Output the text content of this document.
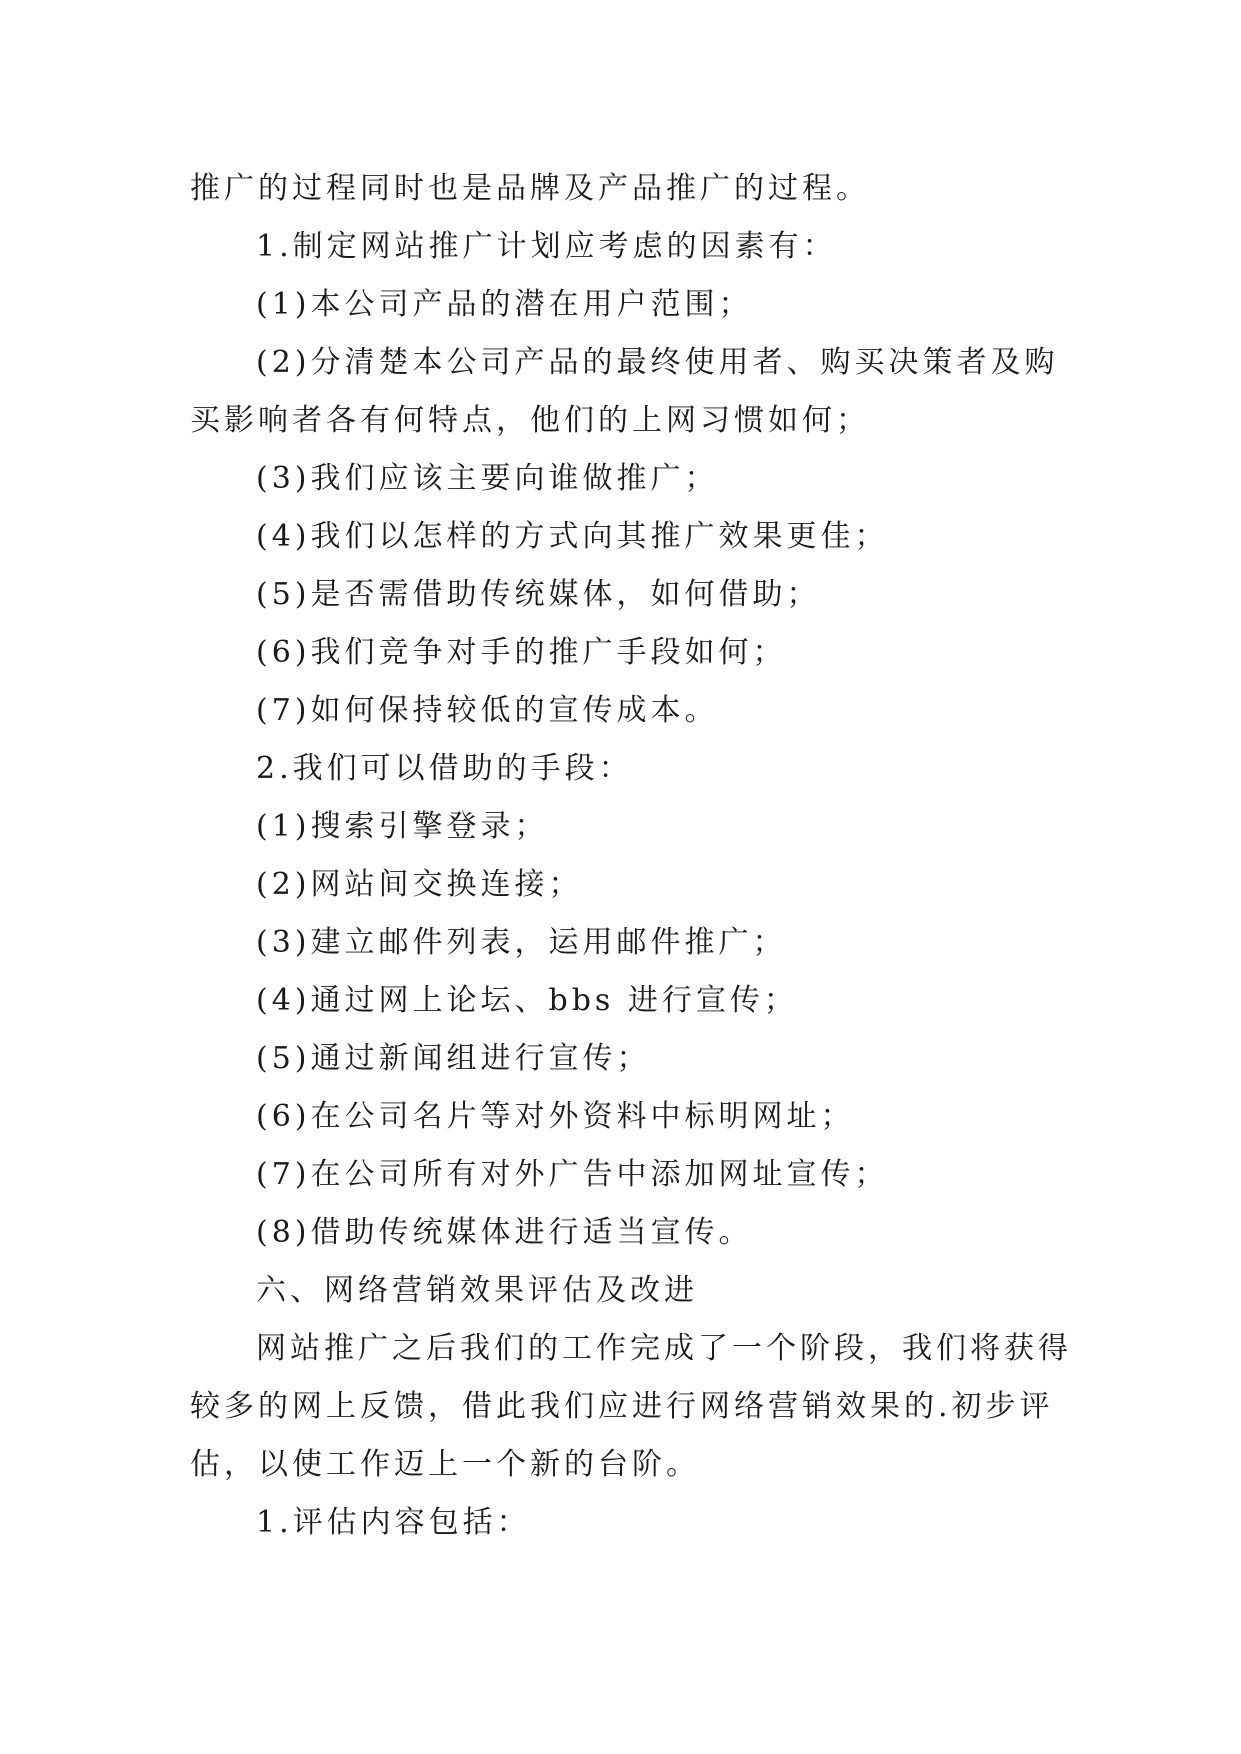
推广的过程同时也是品牌及产品推广的过程。
1.制定网站推广计划应考虑的因素有：
(1)本公司产品的潜在用户范围；
(2)分清楚本公司产品的最终使用者、购买决策者及购
买影响者各有何特点，他们的上网习惯如何；
(3)我们应该主要向谁做推广；
(4)我们以怎样的方式向其推广效果更佳；
(5)是否需借助传统媒体，如何借助；
(6)我们竞争对手的推广手段如何；
(7)如何保持较低的宣传成本。
2.我们可以借助的手段：
(1)搜索引擎登录；
(2)网站间交换连接；
(3)建立邮件列表，运用邮件推广；
(4)通过网上论坛、bbs 进行宣传；
(5)通过新闻组进行宣传；
(6)在公司名片等对外资料中标明网址；
(7)在公司所有对外广告中添加网址宣传；
(8)借助传统媒体进行适当宣传。
六、网络营销效果评估及改进
网站推广之后我们的工作完成了一个阶段，我们将获得
较多的网上反馈，借此我们应进行网络营销效果的.初步评
估，以使工作迈上一个新的台阶。
1.评估内容包括：
